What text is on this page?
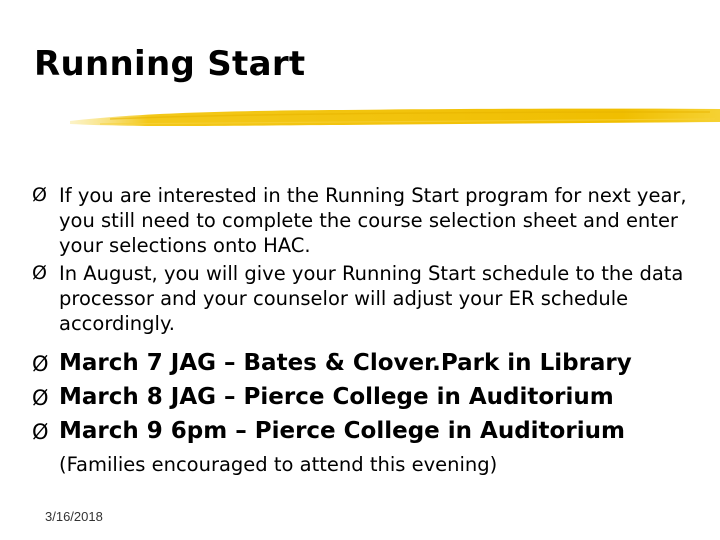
Running Start
Ø If you are interested in the Running Start program for next year, you still need to complete the course selection sheet and enter your selections onto HAC.
Ø In August, you will give your Running Start schedule to the data processor and your counselor will adjust your ER schedule accordingly.
Ø March 7 JAG – Bates & Clover.Park in Library
Ø March 8 JAG – Pierce College in Auditorium
Ø March 9 6pm – Pierce College in Auditorium
(Families encouraged to attend this evening)
3/16/2018
